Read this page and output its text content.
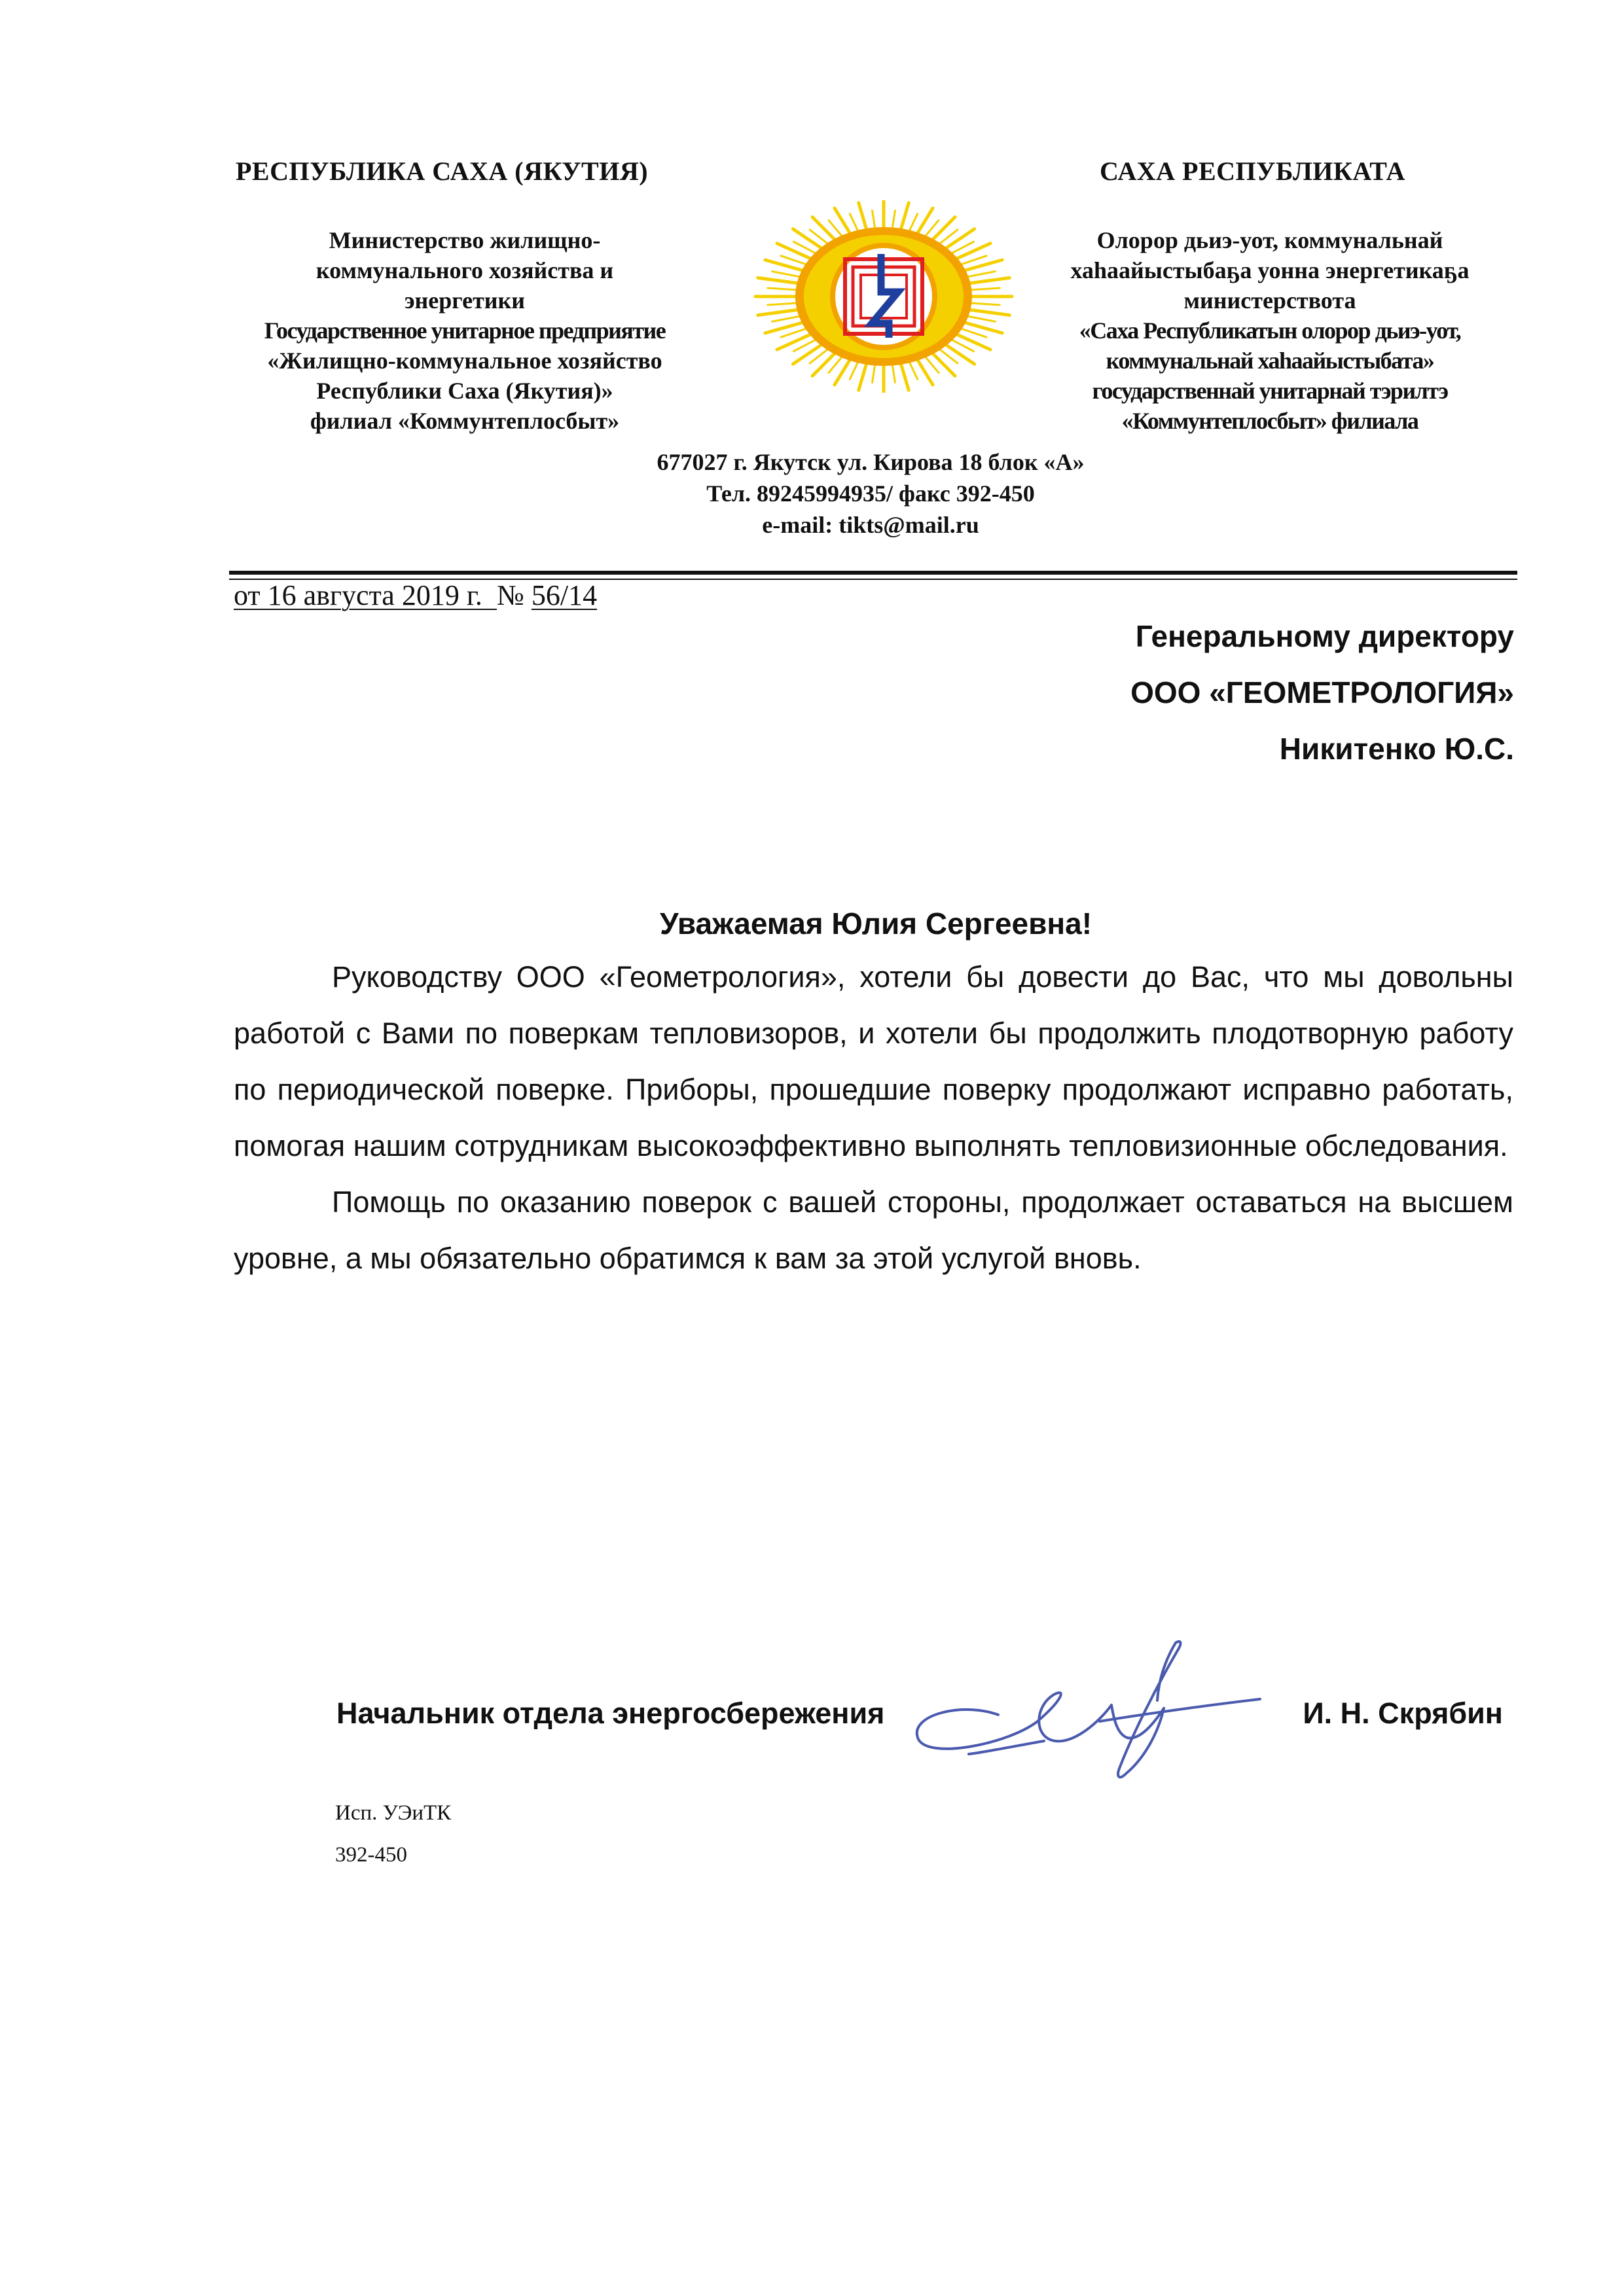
РЕСПУБЛИКА САХА (ЯКУТИЯ)
Министерство жилищно-
коммунального хозяйства и
энергетики
Государственное унитарное предприятие
«Жилищно-коммунальное хозяйство
Республики Саха (Якутия)»
филиал «Коммунтеплосбыт»
САХА РЕСПУБЛИКАТА
Олорор дьиэ-уот, коммунальнай
хаhаайыстыбаҕа уонна энергетикаҕа
министерствота
«Саха Республикатын олорор дьиэ-уот,
коммунальнай хаhаайыстыбата»
государственнай унитарнай тэрилтэ
«Коммунтеплосбыт» филиала
677027 г. Якутск ул. Кирова 18 блок «А»
Тел. 89245994935/ факс 392-450
e-mail: tikts@mail.ru
от 16 августа 2019 г.  № 56/14
Генеральному директору
ООО «ГЕОМЕТРОЛОГИЯ»
Никитенко Ю.С.
Уважаемая Юлия Сергеевна!

Руководству ООО «Геометрология», хотели бы довести до Вас, что мы довольны работой с Вами по поверкам тепловизоров, и хотели бы продолжить плодотворную работу по периодической поверке. Приборы, прошедшие поверку продолжают исправно работать, помогая нашим сотрудникам высокоэффективно выполнять тепловизионные обследования.

Помощь по оказанию поверок с вашей стороны, продолжает оставаться на высшем уровне, а мы обязательно обратимся к вам за этой услугой вновь.

Начальник отдела энергосбережения	И. Н. Скрябин
Исп. УЭиТК
392-450
